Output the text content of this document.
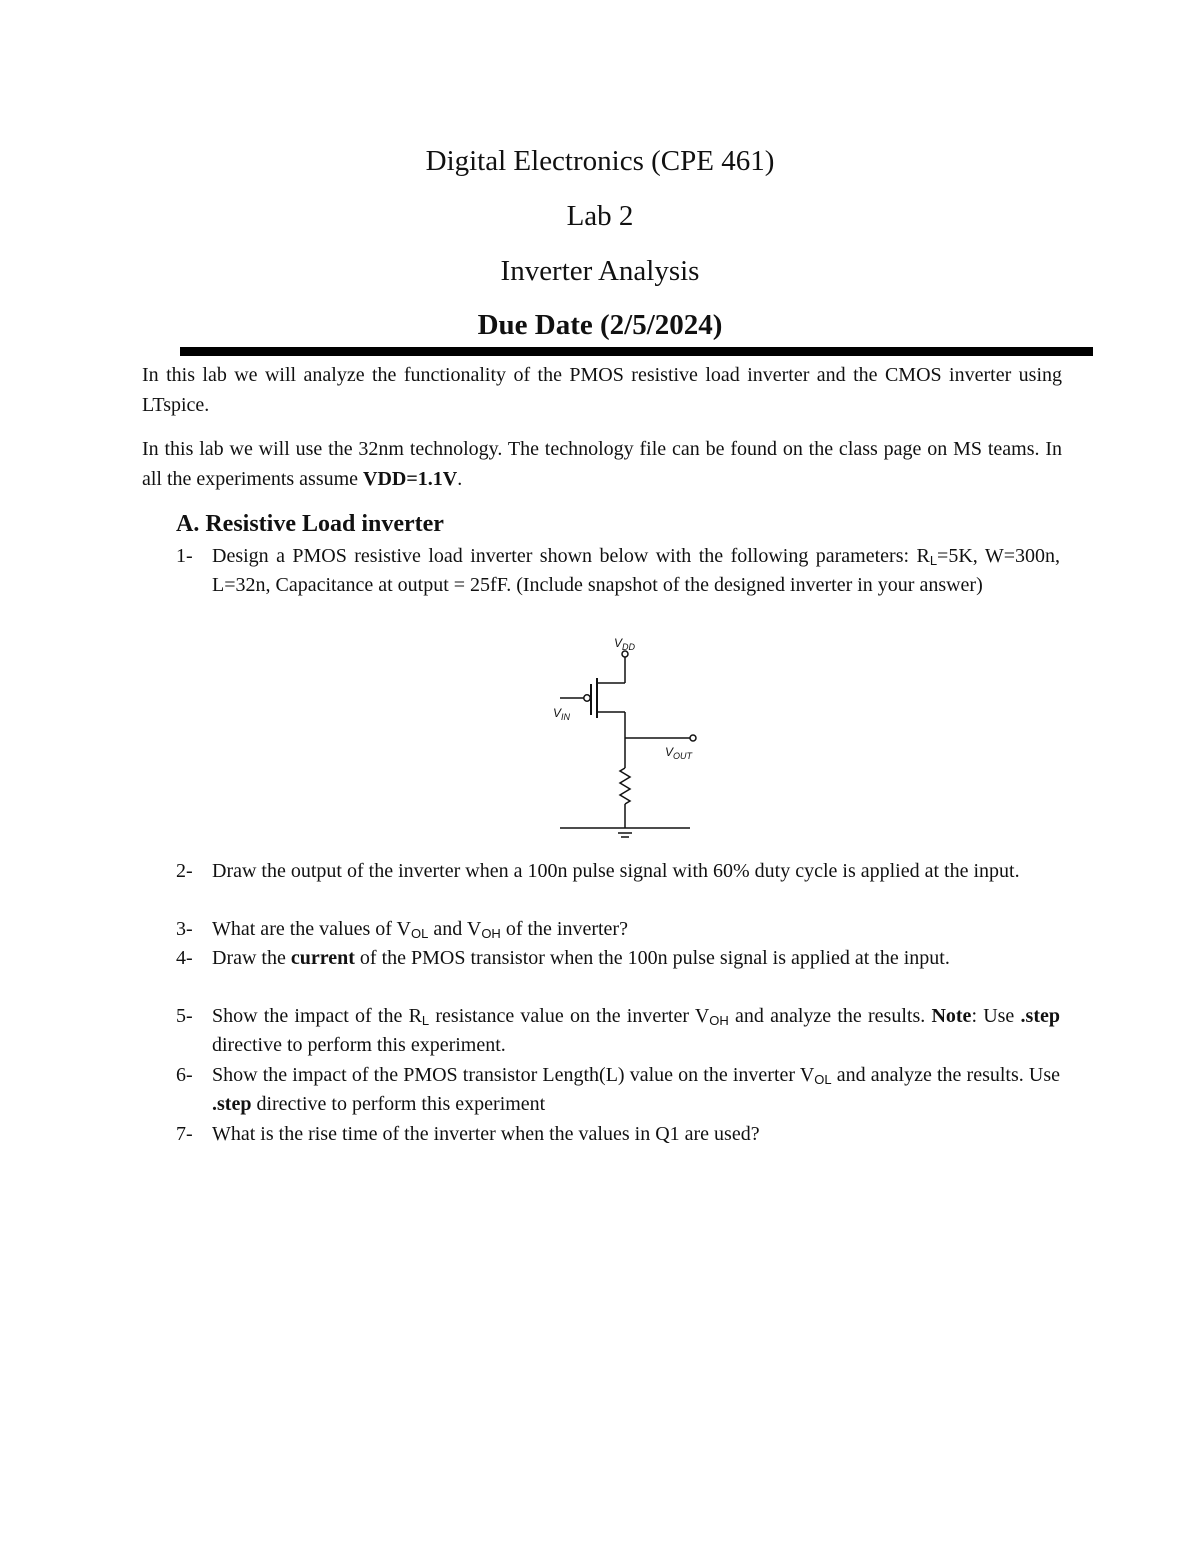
Digital Electronics (CPE 461)
Lab 2
Inverter Analysis
Due Date (2/5/2024)
In this lab we will analyze the functionality of the PMOS resistive load inverter and the CMOS inverter using LTspice.
In this lab we will use the 32nm technology. The technology file can be found on the class page on MS teams. In all the experiments assume VDD=1.1V.
A. Resistive Load inverter
1- Design a PMOS resistive load inverter shown below with the following parameters: $R_L=5K$, W=300n, L=32n, Capacitance at output = 25fF. (Include snapshot of the designed inverter in your answer)
$V_{DD}$
$V_{IN}$
$V_{OUT}$
2- Draw the output of the inverter when a 100n pulse signal with 60% duty cycle is applied at the input.
3- What are the values of $V_{OL}$ and $V_{OH}$ of the inverter?
4- Draw the current of the PMOS transistor when the 100n pulse signal is applied at the input.
5- Show the impact of the $R_L$ resistance value on the inverter $V_{OH}$ and analyze the results. Note: Use .step directive to perform this experiment.
6- Show the impact of the PMOS transistor Length(L) value on the inverter $V_{OL}$ and analyze the results. Use .step directive to perform this experiment
7- What is the rise time of the inverter when the values in Q1 are used?
